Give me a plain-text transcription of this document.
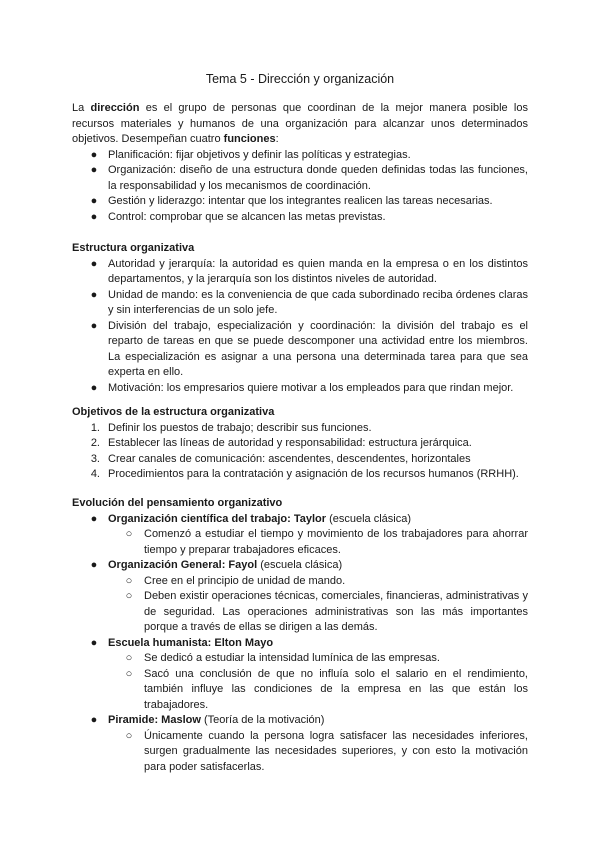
Tema 5 - Dirección y organización

La dirección es el grupo de personas que coordinan de la mejor manera posible los recursos materiales y humanos de una organización para alcanzar unos determinados objetivos. Desempeñan cuatro funciones:

● Planificación: fijar objetivos y definir las políticas y estrategias.
● Organización: diseño de una estructura donde queden definidas todas las funciones, la responsabilidad y los mecanismos de coordinación.
● Gestión y liderazgo: intentar que los integrantes realicen las tareas necesarias.
● Control: comprobar que se alcancen las metas previstas.

Estructura organizativa

● Autoridad y jerarquía: la autoridad es quien manda en la empresa o en los distintos departamentos, y la jerarquía son los distintos niveles de autoridad.
● Unidad de mando: es la conveniencia de que cada subordinado reciba órdenes claras y sin interferencias de un solo jefe.
● División del trabajo, especialización y coordinación: la división del trabajo es el reparto de tareas en que se puede descomponer una actividad entre los miembros. La especialización es asignar a una persona una determinada tarea para que sea experta en ello.
● Motivación: los empresarios quiere motivar a los empleados para que rindan mejor.

Objetivos de la estructura organizativa

1. Definir los puestos de trabajo; describir sus funciones.
2. Establecer las líneas de autoridad y responsabilidad: estructura jerárquica.
3. Crear canales de comunicación: ascendentes, descendentes, horizontales
4. Procedimientos para la contratación y asignación de los recursos humanos (RRHH).

Evolución del pensamiento organizativo

● Organización científica del trabajo: Taylor (escuela clásica)
○	Comenzó a estudiar el tiempo y movimiento de los trabajadores para ahorrar tiempo y preparar trabajadores eficaces.
● Organización General: Fayol (escuela clásica)
○	Cree en el principio de unidad de mando.
○	Deben existir operaciones técnicas, comerciales, financieras, administrativas y de seguridad. Las operaciones administrativas son las más importantes porque a través de ellas se dirigen a las demás.
● Escuela humanista: Elton Mayo
○	Se dedicó a estudiar la intensidad lumínica de las empresas.
○	Sacó una conclusión de que no influía solo el salario en el rendimiento, también influye las condiciones de la empresa en las que están los trabajadores.
● Piramide: Maslow (Teoría de la motivación)
○	Únicamente cuando la persona logra satisfacer las necesidades inferiores, surgen gradualmente las necesidades superiores, y con esto la motivación para poder satisfacerlas.
